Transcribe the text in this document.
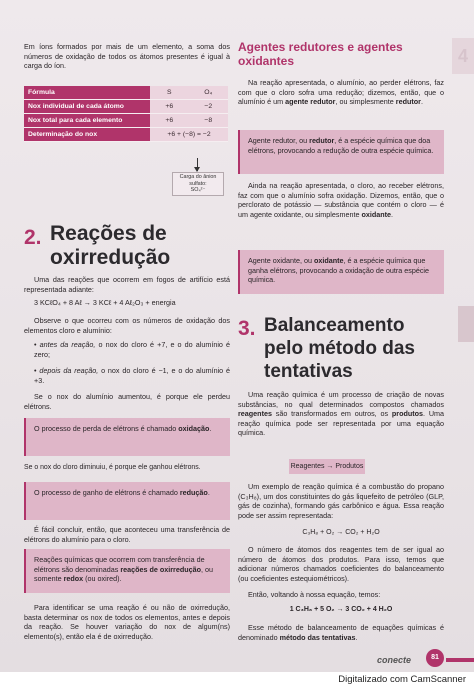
Em íons formados por mais de um elemento, a soma dos números de oxidação de todos os átomos presentes é igual à carga do íon.

Fórmula	S	O₄
Nox individual de cada átomo	+6	−2
Nox total para cada elemento	+6	−8
Determinação do nox	+6 + (−8) = −2	
Carga do ânion
sulfato:
SO₄²⁻
2. Reações de
oxirredução

Uma das reações que ocorrem em fogos de artifício está representada adiante:

3 KCℓO₄ + 8 Aℓ → 3 KCℓ + 4 Aℓ₂O₃ + energia

Observe o que ocorreu com os números de oxidação dos elementos cloro e alumínio:

• antes da reação, o nox do cloro é +7, e o do alumínio é zero;

• depois da reação, o nox do cloro é −1, e o do alumínio é +3.

Se o nox do alumínio aumentou, é porque ele perdeu elétrons.

O processo de perda de elétrons é chamado oxidação.

Se o nox do cloro diminuiu, é porque ele ganhou elétrons.

O processo de ganho de elétrons é chamado redução.

É fácil concluir, então, que aconteceu uma transferência de elétrons do alumínio para o cloro.

Reações químicas que ocorrem com transferência de elétrons são denominadas reações de oxirredução, ou somente redox (ou oxired).

Para identificar se uma reação é ou não de oxirredução, basta determinar os nox de todos os elementos, antes e depois da reação. Se houver variação do nox de algum(ns) elemento(s), então ela é de oxirredução.

Agentes redutores e agentes
oxidantes

Na reação apresentada, o alumínio, ao perder elétrons, faz com que o cloro sofra uma redução; dizemos, então, que o alumínio é um agente redutor, ou simplesmente redutor.

Agente redutor, ou redutor, é a espécie química que doa elétrons, provocando a redução de outra espécie química.

Ainda na reação apresentada, o cloro, ao receber elétrons, faz com que o alumínio sofra oxidação. Dizemos, então, que o perclorato de potássio — substância que contém o cloro — é um agente oxidante, ou simplesmente oxidante.

Agente oxidante, ou oxidante, é a espécie química que ganha elétrons, provocando a oxidação de outra espécie química.
3. Balanceamento
pelo método das
tentativas

Uma reação química é um processo de criação de novas substâncias, no qual determinados compostos chamados reagentes são transformados em outros, os produtos. Uma reação química pode ser representada por uma equação química.

Reagentes → Produtos

Um exemplo de reação química é a combustão do propano (C₃H₈), um dos constituintes do gás liquefeito de petróleo (GLP, gás de cozinha), formando gás carbônico e água. Essa reação pode ser assim representada:

C₃H₈ + O₂ → CO₂ + H₂O

O número de átomos dos reagentes tem de ser igual ao número de átomos dos produtos. Para isso, temos que adicionar números chamados coeficientes do balanceamento (ou coeficientes estequiométricos).

Então, voltando à nossa equação, temos:

1 C₃H₈ + 5 O₂ → 3 CO₂ + 4 H₂O

Esse método de balanceamento de equações químicas é denominado método das tentativas.

4
conecte	81
Digitalizado com CamScanner
